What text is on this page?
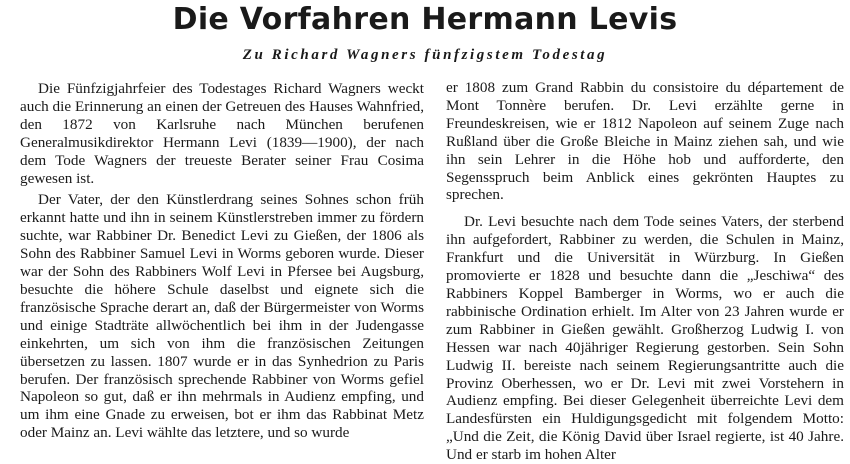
Die Vorfahren Hermann Levis
Zu Richard Wagners fünfzigstem Todestag

Die Fünfzigjahrfeier des Todestages Richard Wagners weckt auch die Erinnerung an einen der Getreuen des Hauses Wahnfried, den 1872 von Karlsruhe nach München berufenen Generalmusikdirektor Hermann Levi (1839—1900), der nach dem Tode Wagners der treueste Berater seiner Frau Cosima gewesen ist.

Der Vater, der den Künstlerdrang seines Sohnes schon früh erkannt hatte und ihn in seinem Künstlerstreben immer zu fördern suchte, war Rabbiner Dr. Benedict Levi zu Gießen, der 1806 als Sohn des Rabbiner Samuel Levi in Worms geboren wurde. Dieser war der Sohn des Rabbiners Wolf Levi in Pfersee bei Augsburg, besuchte die höhere Schule daselbst und eignete sich die französische Sprache derart an, daß der Bürgermeister von Worms und einige Stadträte allwöchentlich bei ihm in der Judengasse einkehrten, um sich von ihm die französischen Zeitungen übersetzen zu lassen. 1807 wurde er in das Synhedrion zu Paris berufen. Der französisch sprechende Rabbiner von Worms gefiel Napoleon so gut, daß er ihn mehrmals in Audienz empfing, und um ihm eine Gnade zu erweisen, bot er ihm das Rabbinat Metz oder Mainz an. Levi wählte das letztere, und so wurde

er 1808 zum Grand Rabbin du consistoire du département de Mont Tonnère berufen. Dr. Levi erzählte gerne in Freundeskreisen, wie er 1812 Napoleon auf seinem Zuge nach Rußland über die Große Bleiche in Mainz ziehen sah, und wie ihn sein Lehrer in die Höhe hob und aufforderte, den Segensspruch beim Anblick eines gekrönten Hauptes zu sprechen.

Dr. Levi besuchte nach dem Tode seines Vaters, der sterbend ihn aufgefordert, Rabbiner zu werden, die Schulen in Mainz, Frankfurt und die Universität in Würzburg. In Gießen promovierte er 1828 und besuchte dann die „Jeschiwa“ des Rabbiners Koppel Bamberger in Worms, wo er auch die rabbinische Ordination erhielt. Im Alter von 23 Jahren wurde er zum Rabbiner in Gießen gewählt. Großherzog Ludwig I. von Hessen war nach 40jähriger Regierung gestorben. Sein Sohn Ludwig II. bereiste nach seinem Regierungsantritte auch die Provinz Oberhessen, wo er Dr. Levi mit zwei Vorstehern in Audienz empfing. Bei dieser Gelegenheit überreichte Levi dem Landesfürsten ein Huldigungsgedicht mit folgendem Motto: „Und die Zeit, die König David über Israel regierte, ist 40 Jahre. Und er starb im hohen Alter
